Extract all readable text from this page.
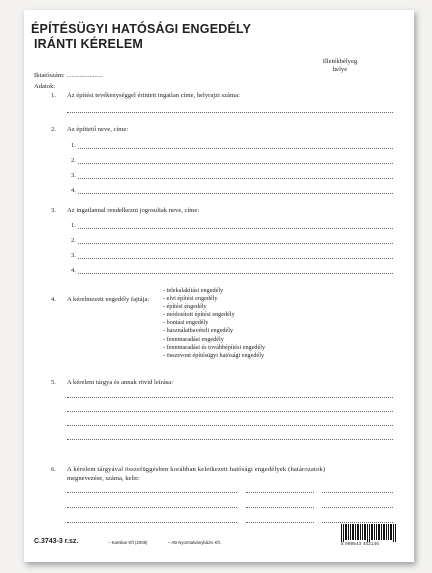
ÉPÍTÉSÜGYI HATÓSÁGI ENGEDÉLY
IRÁNTI KÉRELEM
Iktatószám: ......................
Illetékbélyeg
helye
Adatok:
1. Az építési tevékenységgel érintett ingatlan címe, helyrajzi száma:
2. Az építtető neve, címe:
1.
2.
3.
4.
3. Az ingatlannal rendelkezni jogosultak neve, címe:
1.
2.
3.
4.
4. A kérelmezett engedély fajtája:
- telekalakítási engedély
- elvi építési engedély
- építési engedély
- módosított építési engedély
- bontási engedély
- használatbavételi engedély
- fennmaradási engedély
- fennmaradási és továbbépítési engedély
- összevont építésügyi hatósági engedély
5. A kérelem tárgya és annak rövid leírása:
6. A kérelem tárgyával összefüggésben korábban keletkezett hatósági engedélyek (határozatok)
megnevezése, száma, kelte:
C.3743-3 r.sz.	– Kamikar Kft (2008)	– AB Nyomtatványbázis Kft.	5 999543 452146
